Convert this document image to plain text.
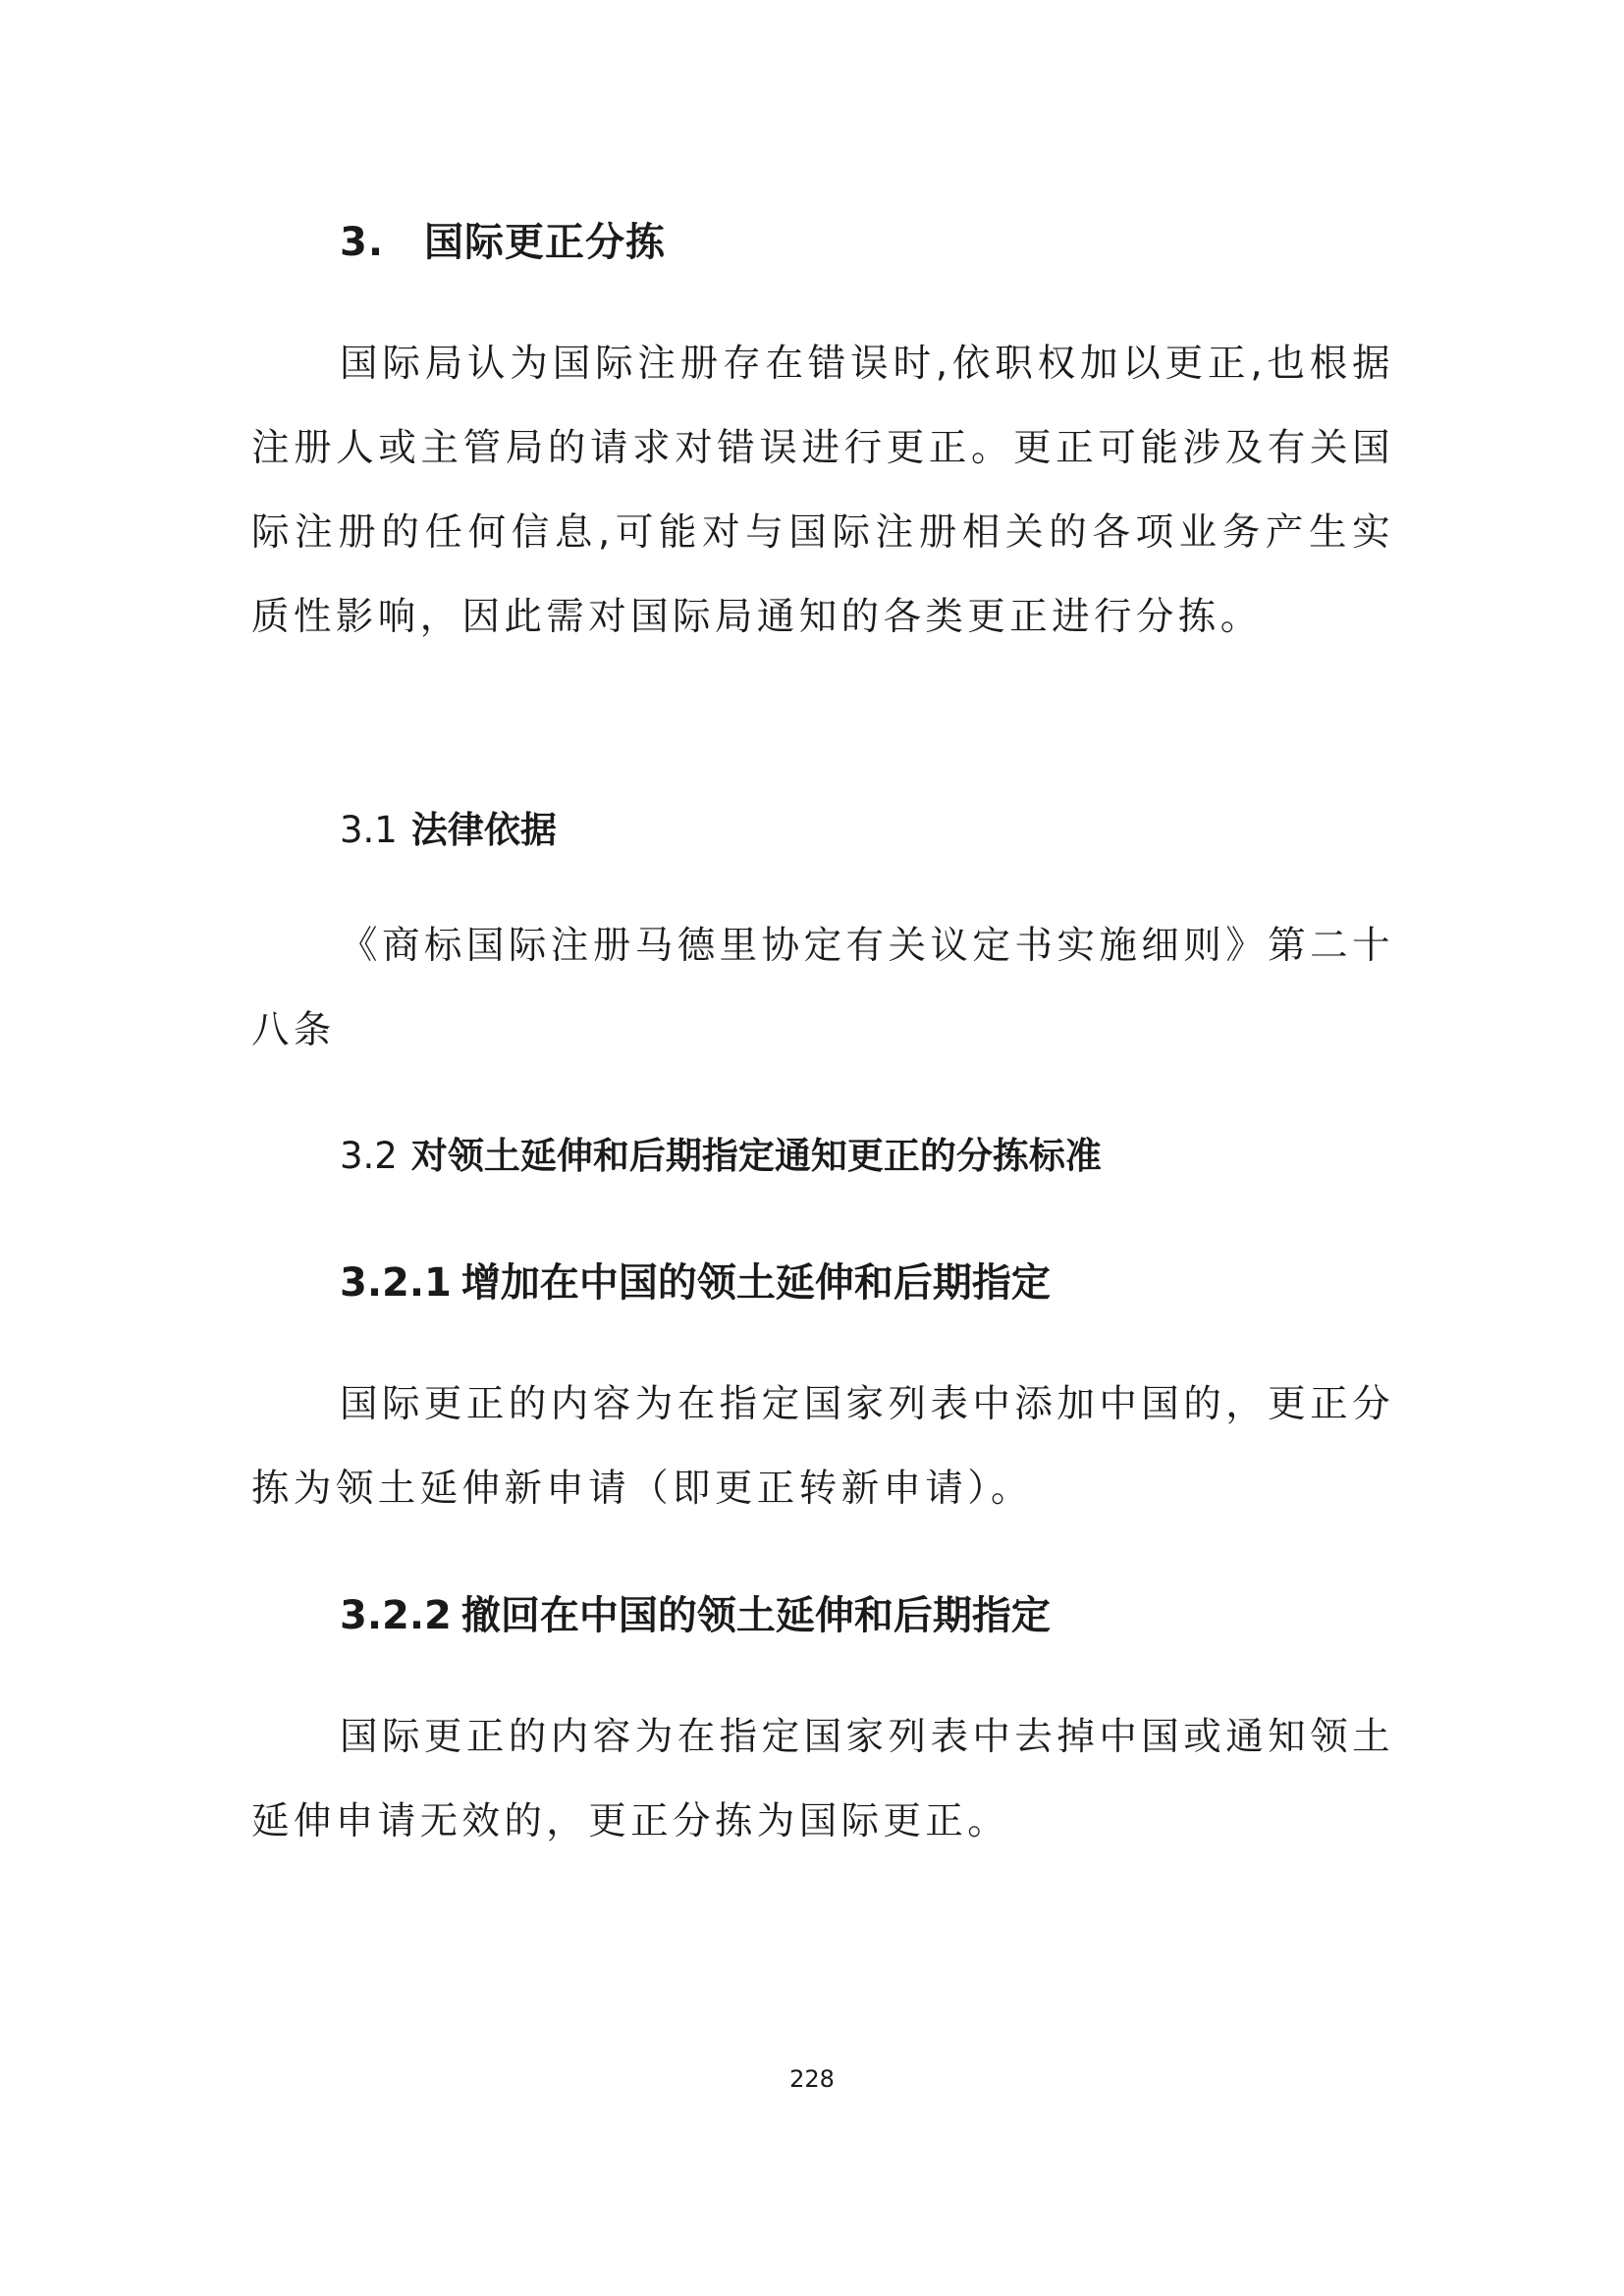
3. 国际更正分拣

国际局认为国际注册存在错误时,依职权加以更正,也根据注册人或主管局的请求对错误进行更正。更正可能涉及有关国际注册的任何信息,可能对与国际注册相关的各项业务产生实质性影响，因此需对国际局通知的各类更正进行分拣。

3.1 法律依据

《商标国际注册马德里协定有关议定书实施细则》第二十八条

3.2 对领土延伸和后期指定通知更正的分拣标准
3.2.1 增加在中国的领土延伸和后期指定

国际更正的内容为在指定国家列表中添加中国的，更正分拣为领土延伸新申请（即更正转新申请）。

3.2.2 撤回在中国的领土延伸和后期指定

国际更正的内容为在指定国家列表中去掉中国或通知领土延伸申请无效的，更正分拣为国际更正。

228
